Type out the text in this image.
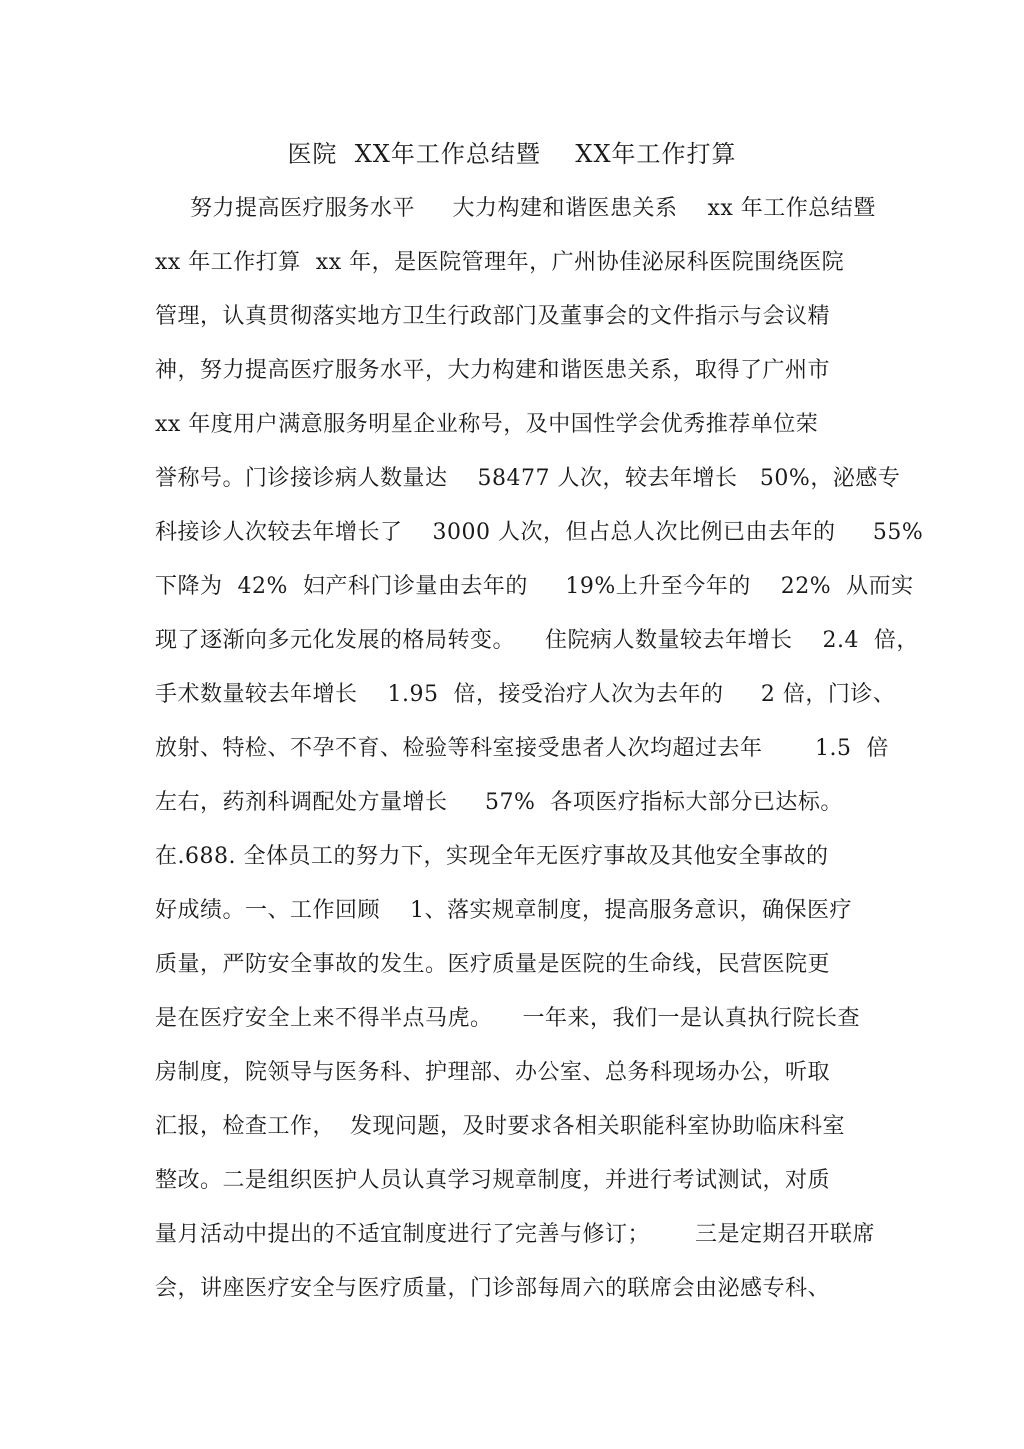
医院  XX年工作总结暨    XX年工作打算
努力提高医疗服务水平     大力构建和谐医患关系    xx 年工作总结暨
xx 年工作打算  xx 年，是医院管理年，广州协佳泌尿科医院围绕医院
管理，认真贯彻落实地方卫生行政部门及董事会的文件指示与会议精
神，努力提高医疗服务水平，大力构建和谐医患关系，取得了广州市
xx 年度用户满意服务明星企业称号，及中国性学会优秀推荐单位荣
誉称号。门诊接诊病人数量达    58477 人次，较去年增长   50%，泌感专
科接诊人次较去年增长了    3000 人次，但占总人次比例已由去年的     55%
下降为  42%  妇产科门诊量由去年的     19%上升至今年的    22%  从而实
现了逐渐向多元化发展的格局转变。    住院病人数量较去年增长    2.4  倍，
手术数量较去年增长    1.95  倍，接受治疗人次为去年的     2 倍，门诊、
放射、特检、不孕不育、检验等科室接受患者人次均超过去年       1.5  倍
左右，药剂科调配处方量增长     57%  各项医疗指标大部分已达标。
在.688. 全体员工的努力下，实现全年无医疗事故及其他安全事故的
好成绩。一、工作回顾    1、落实规章制度，提高服务意识，确保医疗
质量，严防安全事故的发生。医疗质量是医院的生命线，民营医院更
是在医疗安全上来不得半点马虎。    一年来，我们一是认真执行院长查
房制度，院领导与医务科、护理部、办公室、总务科现场办公，听取
汇报，检查工作，  发现问题，及时要求各相关职能科室协助临床科室
整改。二是组织医护人员认真学习规章制度，并进行考试测试，对质
量月活动中提出的不适宜制度进行了完善与修订；      三是定期召开联席
会，讲座医疗安全与医疗质量，门诊部每周六的联席会由泌感专科、
